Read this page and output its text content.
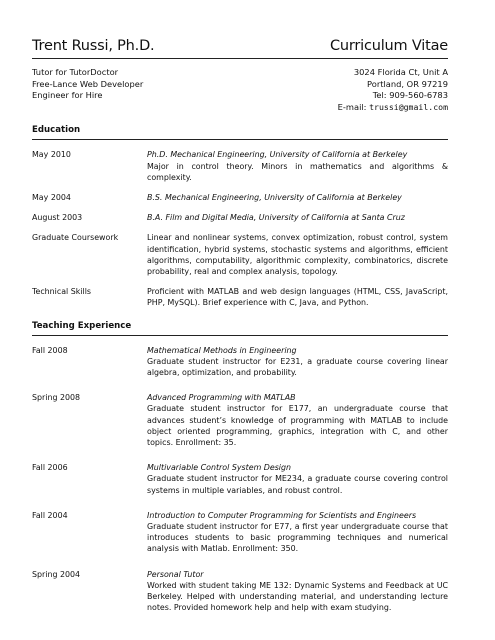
Trent Russi, Ph.D.	Curriculum Vitae
Tutor for TutorDoctor
Free-Lance Web Developer
Engineer for Hire
3024 Florida Ct, Unit A
Portland, OR 97219
Tel: 909-560-6783
E-mail: trussi@gmail.com
Education
May 2010	Ph.D. Mechanical Engineering, University of California at Berkeley
Major in control theory. Minors in mathematics and algorithms & complexity.
May 2004	B.S. Mechanical Engineering, University of California at Berkeley
August 2003	B.A. Film and Digital Media, University of California at Santa Cruz
Graduate Coursework	Linear and nonlinear systems, convex optimization, robust control, system identification, hybrid systems, stochastic systems and algorithms, efficient algorithms, computability, algorithmic complexity, combinatorics, discrete probability, real and complex analysis, topology.
Technical Skills	Proficient with MATLAB and web design languages (HTML, CSS, JavaScript, PHP, MySQL). Brief experience with C, Java, and Python.
Teaching Experience
Fall 2008	Mathematical Methods in Engineering
Graduate student instructor for E231, a graduate course covering linear algebra, optimization, and probability.
Spring 2008	Advanced Programming with MATLAB
Graduate student instructor for E177, an undergraduate course that advances student’s knowledge of programming with MATLAB to include object oriented programming, graphics, integration with C, and other topics. Enrollment: 35.
Fall 2006	Multivariable Control System Design
Graduate student instructor for ME234, a graduate course covering control systems in multiple variables, and robust control.
Fall 2004	Introduction to Computer Programming for Scientists and Engineers
Graduate student instructor for E77, a first year undergraduate course that introduces students to basic programming techniques and numerical analysis with Matlab. Enrollment: 350.
Spring 2004	Personal Tutor
Worked with student taking ME 132: Dynamic Systems and Feedback at UC Berkeley. Helped with understanding material, and understanding lecture notes. Provided homework help and help with exam studying.
